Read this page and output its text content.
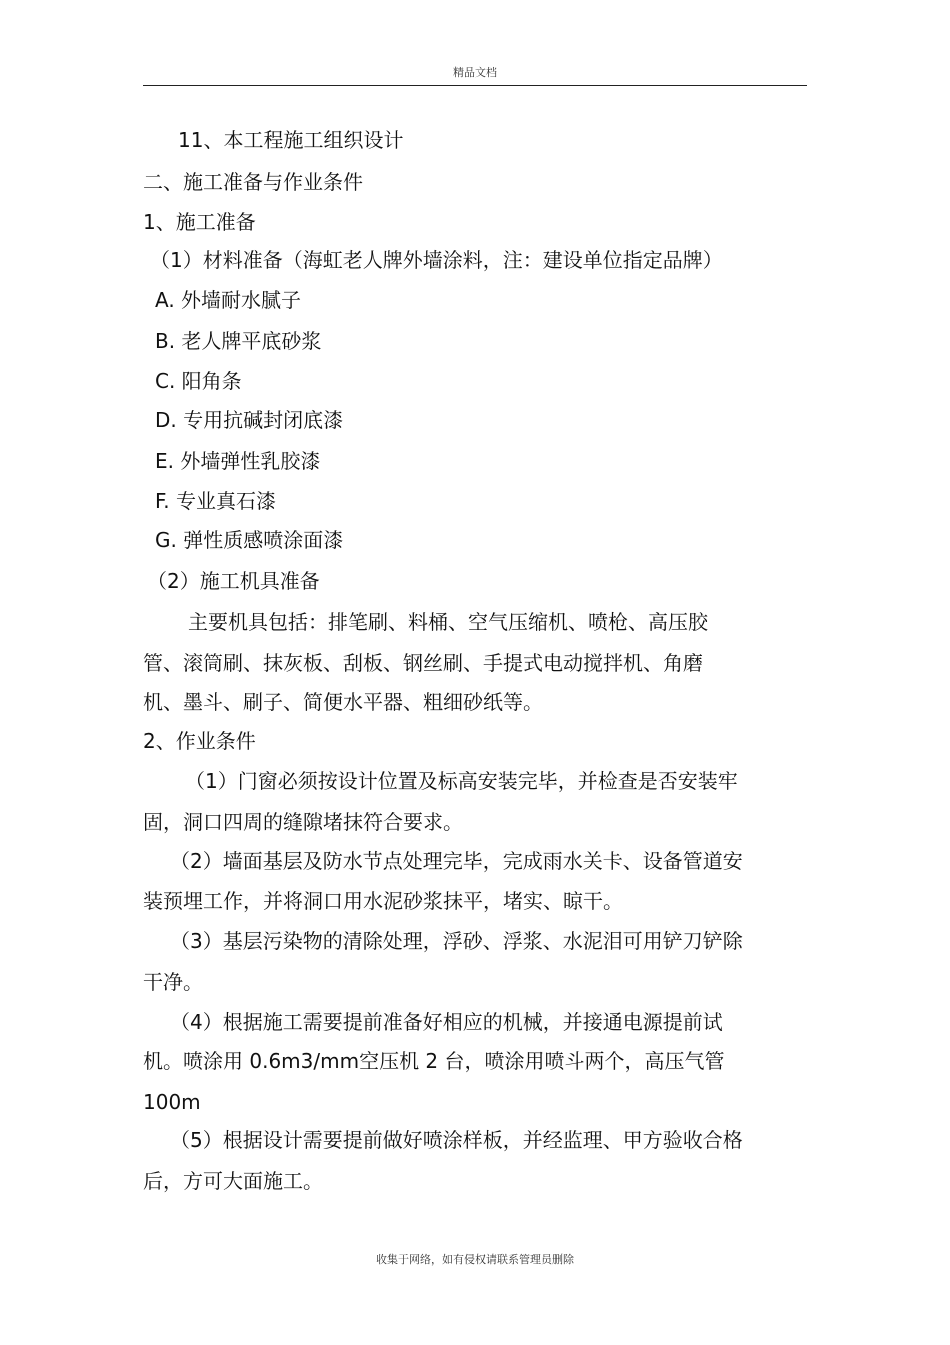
精品文档
11、本工程施工组织设计
二、施工准备与作业条件
1、施工准备
（1）材料准备（海虹老人牌外墙涂料，注：建设单位指定品牌）
A. 外墙耐水腻子
B. 老人牌平底砂浆
C. 阳角条
D. 专用抗碱封闭底漆
E. 外墙弹性乳胶漆
F. 专业真石漆
G. 弹性质感喷涂面漆
（2）施工机具准备
主要机具包括：排笔刷、料桶、空气压缩机、喷枪、高压胶
管、滚筒刷、抹灰板、刮板、钢丝刷、手提式电动搅拌机、角磨
机、墨斗、刷子、简便水平器、粗细砂纸等。
2、作业条件
（1）门窗必须按设计位置及标高安装完毕，并检查是否安装牢
固，洞口四周的缝隙堵抹符合要求。
（2）墙面基层及防水节点处理完毕，完成雨水关卡、设备管道安
装预埋工作，并将洞口用水泥砂浆抹平，堵实、晾干。
（3）基层污染物的清除处理，浮砂、浮浆、水泥泪可用铲刀铲除
干净。
（4）根据施工需要提前准备好相应的机械，并接通电源提前试
机。喷涂用 0.6m3/mm空压机 2 台，喷涂用喷斗两个，高压气管
100m
（5）根据设计需要提前做好喷涂样板，并经监理、甲方验收合格
后，方可大面施工。
收集于网络，如有侵权请联系管理员删除
